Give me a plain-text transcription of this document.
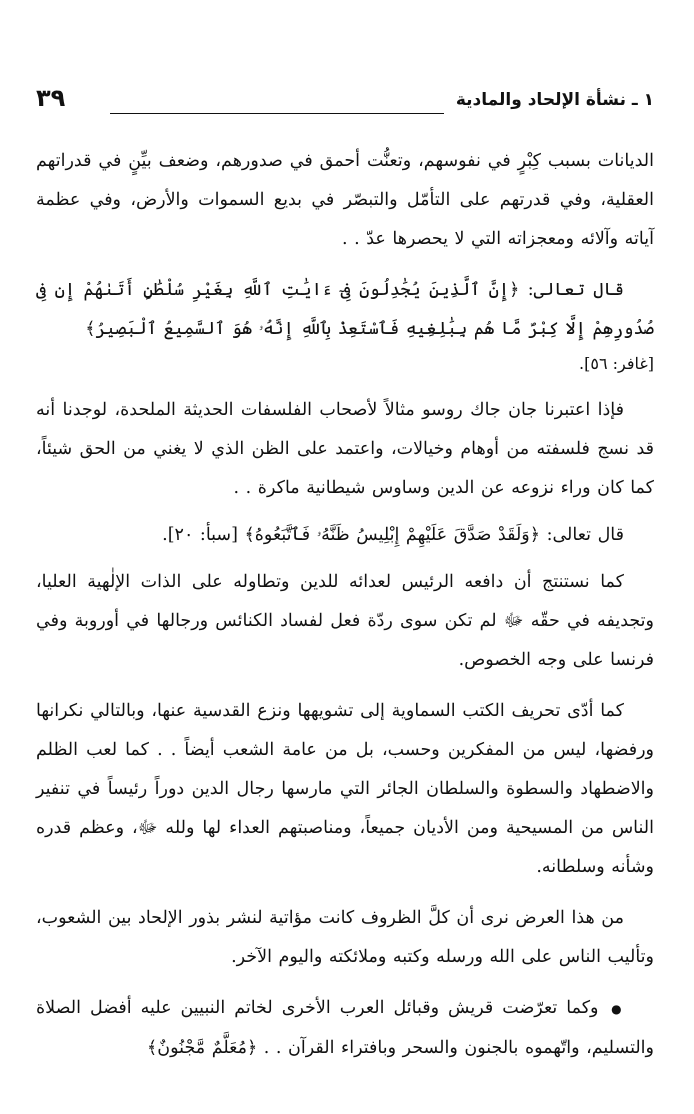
١ ـ نشأة الإلحاد والمادية
٣٩

الديانات بسبب كِبْرٍ في نفوسهم، وتعنُّت أحمق في صدورهم، وضعف بيِّنٍ في قدراتهم العقلية، وفي قدرتهم على التأمّل والتبصّر في بديع السموات والأرض، وفي عظمة آياته وآلائه ومعجزاته التي لا يحصرها عدّ . .

قال تعالى: ﴿إِنَّ ٱلَّذِينَ يُجَٰدِلُونَ فِىٓ ءَايَٰتِ ٱللَّهِ بِغَيْرِ سُلْطَٰنٍ أَتَىٰهُمْ إِن فِى صُدُورِهِمْ إِلَّا كِبْرٌ مَّا هُم بِبَٰلِغِيهِ فَٱسْتَعِذْ بِٱللَّهِ إِنَّهُۥ هُوَ ٱلسَّمِيعُ ٱلْبَصِيرُ﴾

[غافر: ٥٦].

فإذا اعتبرنا جان جاك روسو مثالاً لأصحاب الفلسفات الحديثة الملحدة، لوجدنا أنه قد نسج فلسفته من أوهام وخيالات، واعتمد على الظن الذي لا يغني من الحق شيئاً، كما كان وراء نزوعه عن الدين وساوس شيطانية ماكرة . .

قال تعالى: ﴿وَلَقَدْ صَدَّقَ عَلَيْهِمْ إِبْلِيسُ ظَنَّهُۥ فَٱتَّبَعُوهُ﴾ [سبأ: ٢٠].

كما نستنتج أن دافعه الرئيس لعدائه للدين وتطاوله على الذات الإلٰهية العليا، وتجديفه في حقّه ﷻ لم تكن سوى ردّة فعل لفساد الكنائس ورجالها في أوروبة وفي فرنسا على وجه الخصوص.

كما أدّى تحريف الكتب السماوية إلى تشويهها ونزع القدسية عنها، وبالتالي نكرانها ورفضها، ليس من المفكرين وحسب، بل من عامة الشعب أيضاً . . كما لعب الظلم والاضطهاد والسطوة والسلطان الجائر التي مارسها رجال الدين دوراً رئيساً في تنفير الناس من المسيحية ومن الأديان جميعاً، ومناصبتهم العداء لها ولله ﷻ، وعظم قدره وشأنه وسلطانه.

من هذا العرض نرى أن كلَّ الظروف كانت مؤاتية لنشر بذور الإلحاد بين الشعوب، وتأليب الناس على الله ورسله وكتبه وملائكته واليوم الآخر.

● وكما تعرّضت قريش وقبائل العرب الأخرى لخاتم النبيين عليه أفضل الصلاة والتسليم، واتّهموه بالجنون والسحر وبافتراء القرآن . . ﴿مُعَلَّمٌ مَّجْنُونٌ﴾
